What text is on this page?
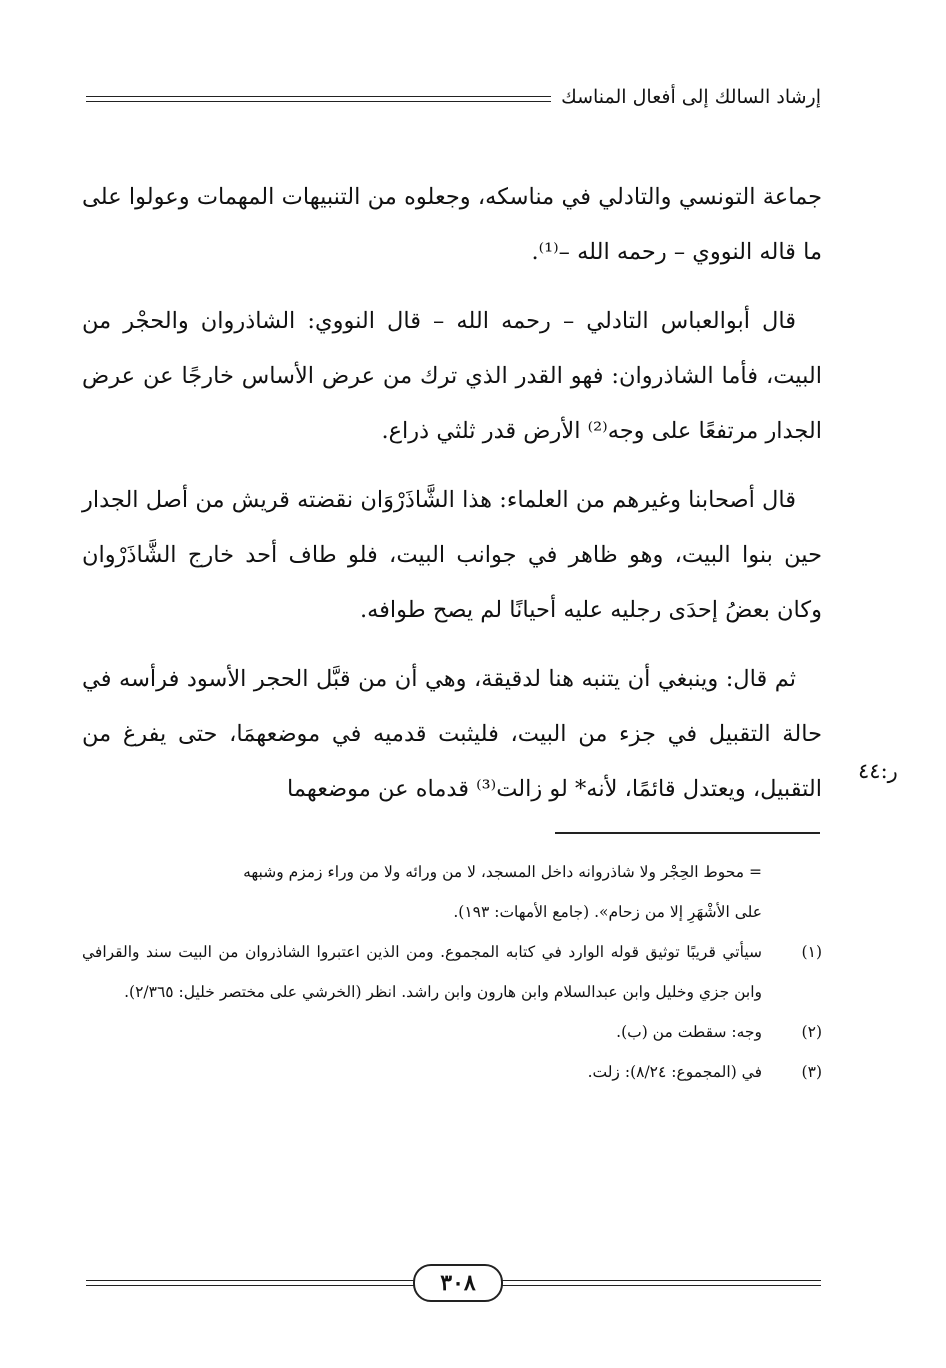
إرشاد السالك إلى أفعال المناسك

جماعة التونسي والتادلي في مناسكه، وجعلوه من التنبيهات المهمات وعولوا على ما قاله النووي – رحمه الله –⁽¹⁾.

قال أبوالعباس التادلي – رحمه الله – قال النووي: الشاذروان والحجْر من البيت، فأما الشاذروان: فهو القدر الذي ترك من عرض الأساس خارجًا عن عرض الجدار مرتفعًا على وجه⁽²⁾ الأرض قدر ثلثي ذراع.

قال أصحابنا وغيرهم من العلماء: هذا الشَّاذَرْوَان نقضته قريش من أصل الجدار حين بنوا البيت، وهو ظاهر في جوانب البيت، فلو طاف أحد خارج الشَّاذَرْوان وكان بعضُ إحدَى رجليه عليه أحيانًا لم يصح طوافه.

ثم قال: وينبغي أن يتنبه هنا لدقيقة، وهي أن من قبَّل الحجر الأسود فرأسه في حالة التقبيل في جزء من البيت، فليثبت قدميه في موضعهمَا، حتى يفرغ من التقبيل، ويعتدل قائمًا، لأنه* لو زالت⁽³⁾ قدماه عن موضعهما

ر:٤٤
= محوط الحِجْر ولا شاذروانه داخل المسجد، لا من ورائه ولا من وراء زمزم وشبهه
على الأشْهَرِ إلا من زحام». (جامع الأمهات: ١٩٣).
(١)
سيأتي قريبًا توثيق قوله الوارد في كتابه المجموع. ومن الذين اعتبروا الشاذروان من البيت سند والقرافي وابن جزي وخليل وابن عبدالسلام وابن هارون وابن راشد. انظر (الخرشي على مختصر خليل: ٢/٣٦٥).
(٢)
وجه: سقطت من (ب).
(٣)
في (المجموع: ٨/٢٤): زلت.
٣٠٨
